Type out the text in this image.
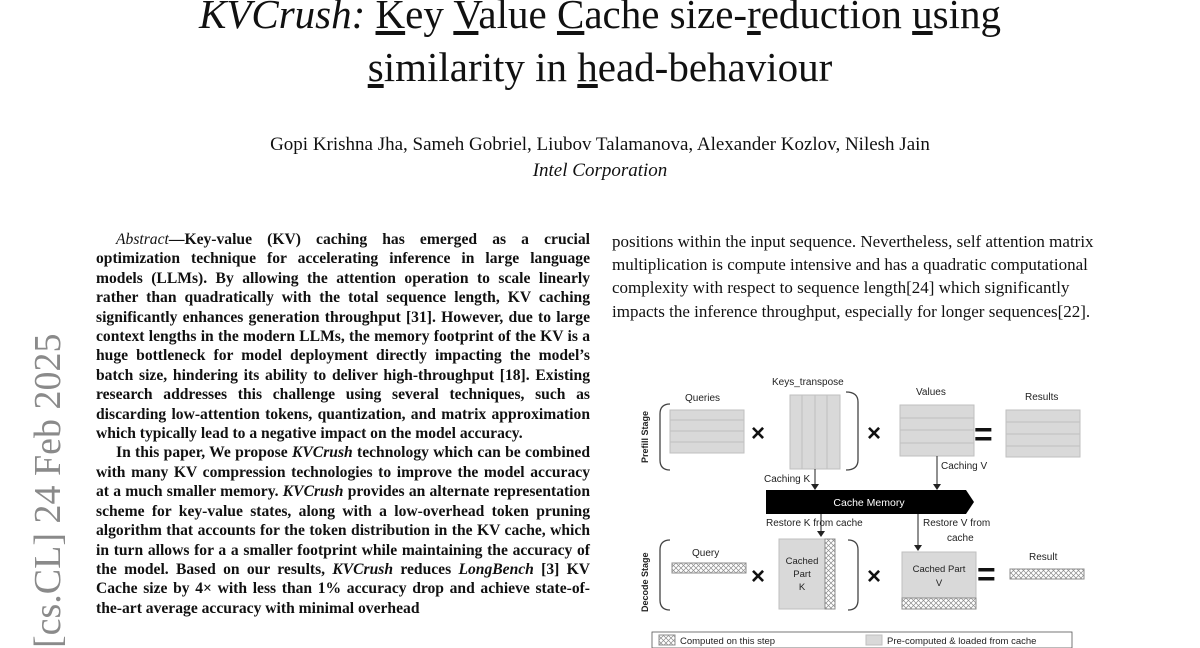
KVCrush: Key Value Cache size-reduction using
similarity in head-behaviour
Gopi Krishna Jha, Sameh Gobriel, Liubov Talamanova, Alexander Kozlov, Nilesh Jain
Intel Corporation
[cs.CL] 24 Feb 2025

Abstract—Key-value (KV) caching has emerged as a crucial optimization technique for accelerating inference in large language models (LLMs). By allowing the attention operation to scale linearly rather than quadratically with the total sequence length, KV caching significantly enhances generation throughput [31]. However, due to large context lengths in the modern LLMs, the memory footprint of the KV is a huge bottleneck for model deployment directly impacting the model’s batch size, hindering its ability to deliver high-throughput [18]. Existing research addresses this challenge using several techniques, such as discarding low-attention tokens, quantization, and matrix approximation which typically lead to a negative impact on the model accuracy.

In this paper, We propose KVCrush technology which can be combined with many KV compression technologies to improve the model accuracy at a much smaller memory. KVCrush provides an alternate representation scheme for key-value states, along with a low-overhead token pruning algorithm that accounts for the token distribution in the KV cache, which in turn allows for a a smaller footprint while maintaining the accuracy of the model. Based on our results, KVCrush reduces LongBench [3] KV Cache size by 4× with less than 1% accuracy drop and achieve state-of-the-art average accuracy with minimal overhead

positions within the input sequence. Nevertheless, self attention matrix multiplication is compute intensive and has a quadratic computational complexity with respect to sequence length[24] which significantly impacts the inference throughput, especially for longer sequences[22].

Prefill Stage
Decode Stage
Queries
×
Keys_transpose
×
Values
=
Results
Caching K
Caching V
Cache Memory
Restore K from cache	Restore V from
cache
Query
×
Cached
Part
K	×	Cached Part
V =	Result
Computed on this step	Pre-computed & loaded from cache
